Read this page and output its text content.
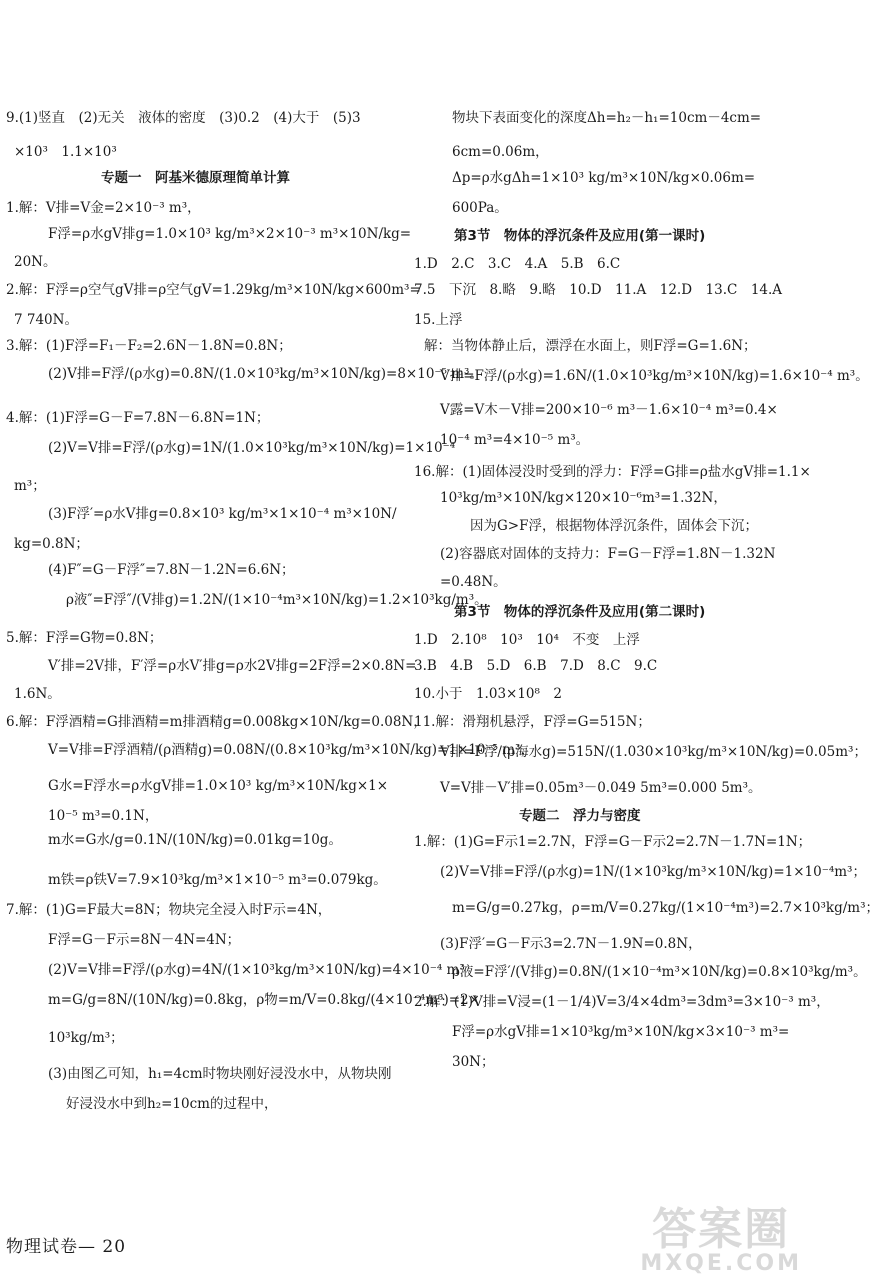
9.(1)竖直　(2)无关　液体的密度　(3)0.2　(4)大于　(5)3
×10³　1.1×10³
专题一　阿基米德原理简单计算
1.解：V排=V金=2×10⁻³ m³，
F浮=ρ水gV排g=1.0×10³ kg/m³×2×10⁻³ m³×10N/kg=
20N。
2.解：F浮=ρ空气gV排=ρ空气gV=1.29kg/m³×10N/kg×600m³=
7 740N。
3.解：(1)F浮=F₁－F₂=2.6N－1.8N=0.8N；
(2)V排=F浮/(ρ水g)=0.8N/(1.0×10³kg/m³×10N/kg)=8×10⁻⁵ m³。
4.解：(1)F浮=G－F=7.8N－6.8N=1N；
(2)V=V排=F浮/(ρ水g)=1N/(1.0×10³kg/m³×10N/kg)=1×10⁻⁴
m³；
(3)F浮′=ρ水V排g=0.8×10³ kg/m³×1×10⁻⁴ m³×10N/
kg=0.8N；
(4)F″=G－F浮″=7.8N－1.2N=6.6N；
ρ液″=F浮″/(V排g)=1.2N/(1×10⁻⁴m³×10N/kg)=1.2×10³kg/m³。
5.解：F浮=G物=0.8N；
V′排=2V排，F′浮=ρ水V′排g=ρ水2V排g=2F浮=2×0.8N=
1.6N。
6.解：F浮酒精=G排酒精=m排酒精g=0.008kg×10N/kg=0.08N，
V=V排=F浮酒精/(ρ酒精g)=0.08N/(0.8×10³kg/m³×10N/kg)=1×10⁻⁵ m³，
G水=F浮水=ρ水gV排=1.0×10³ kg/m³×10N/kg×1×
10⁻⁵ m³=0.1N，
m水=G水/g=0.1N/(10N/kg)=0.01kg=10g。
m铁=ρ铁V=7.9×10³kg/m³×1×10⁻⁵ m³=0.079kg。
7.解：(1)G=F最大=8N；物块完全浸入时F示=4N，
F浮=G－F示=8N－4N=4N；
(2)V=V排=F浮/(ρ水g)=4N/(1×10³kg/m³×10N/kg)=4×10⁻⁴ m³
m=G/g=8N/(10N/kg)=0.8kg，ρ物=m/V=0.8kg/(4×10⁻⁴m³)=2×
10³kg/m³；
(3)由图乙可知，h₁=4cm时物块刚好浸没水中，从物块刚
好浸没水中到h₂=10cm的过程中，
物块下表面变化的深度Δh=h₂－h₁=10cm－4cm=
6cm=0.06m，
Δp=ρ水gΔh=1×10³ kg/m³×10N/kg×0.06m=
600Pa。
第3节　物体的浮沉条件及应用(第一课时)
1.D　2.C　3.C　4.A　5.B　6.C
7.5　下沉　8.略　9.略　10.D　11.A　12.D　13.C　14.A
15.上浮
解：当物体静止后，漂浮在水面上，则F浮=G=1.6N；
V排=F浮/(ρ水g)=1.6N/(1.0×10³kg/m³×10N/kg)=1.6×10⁻⁴ m³。
V露=V木－V排=200×10⁻⁶ m³－1.6×10⁻⁴ m³=0.4×
10⁻⁴ m³=4×10⁻⁵ m³。
16.解：(1)固体浸没时受到的浮力：F浮=G排=ρ盐水gV排=1.1×
10³kg/m³×10N/kg×120×10⁻⁶m³=1.32N，
因为G>F浮，根据物体浮沉条件，固体会下沉；
(2)容器底对固体的支持力：F=G－F浮=1.8N－1.32N
=0.48N。
第3节　物体的浮沉条件及应用(第二课时)
1.D　2.10⁸　10³　10⁴　不变　上浮
3.B　4.B　5.D　6.B　7.D　8.C　9.C
10.小于　1.03×10⁸　2
11.解：滑翔机悬浮，F浮=G=515N；
V排=F浮/(ρ海水g)=515N/(1.030×10³kg/m³×10N/kg)=0.05m³；
V=V排－V′排=0.05m³－0.049 5m³=0.000 5m³。
专题二　浮力与密度
1.解：(1)G=F示1=2.7N，F浮=G－F示2=2.7N－1.7N=1N；
(2)V=V排=F浮/(ρ水g)=1N/(1×10³kg/m³×10N/kg)=1×10⁻⁴m³；
m=G/g=0.27kg，ρ=m/V=0.27kg/(1×10⁻⁴m³)=2.7×10³kg/m³；
(3)F浮′=G－F示3=2.7N－1.9N=0.8N，
ρ液=F浮′/(V排g)=0.8N/(1×10⁻⁴m³×10N/kg)=0.8×10³kg/m³。
2.解：(1)V排=V浸=(1－1/4)V=3/4×4dm³=3dm³=3×10⁻³ m³，
F浮=ρ水gV排=1×10³kg/m³×10N/kg×3×10⁻³ m³=
30N；
物理试卷— 20	答案圈
MXQE.COM
